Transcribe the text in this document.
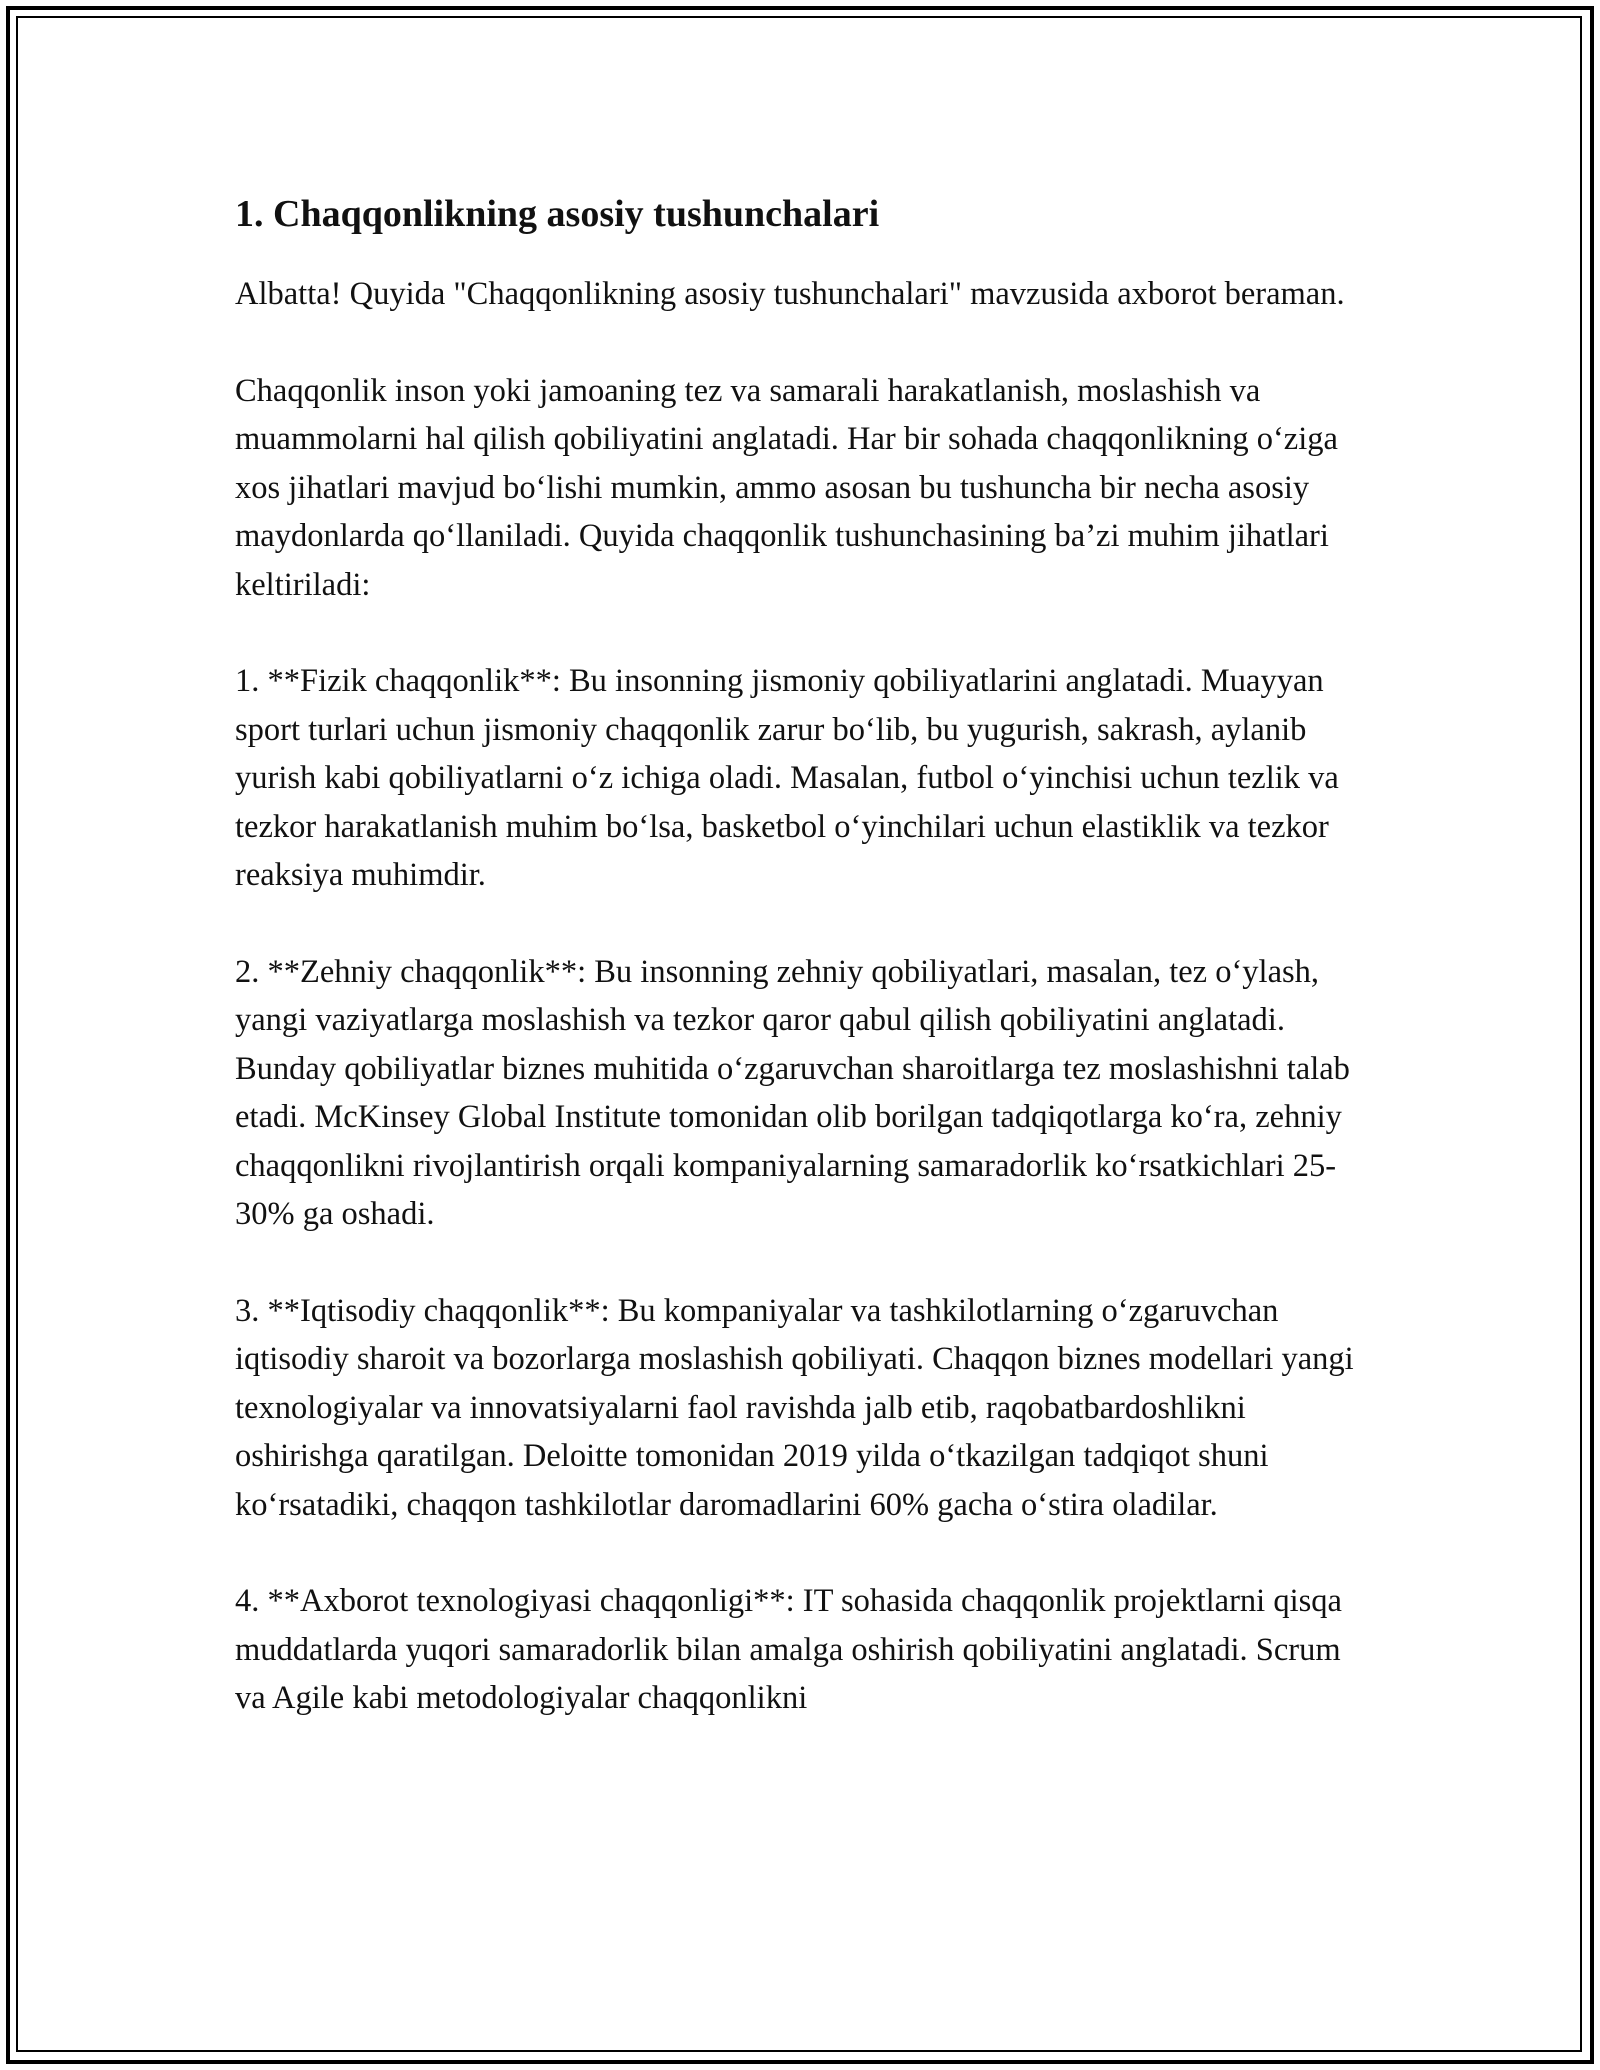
1. Chaqqonlikning asosiy tushunchalari

Albatta! Quyida "Chaqqonlikning asosiy tushunchalari" mavzusida axborot beraman.

Chaqqonlik inson yoki jamoaning tez va samarali harakatlanish, moslashish va muammolarni hal qilish qobiliyatini anglatadi. Har bir sohada chaqqonlikning o‘ziga xos jihatlari mavjud bo‘lishi mumkin, ammo asosan bu tushuncha bir necha asosiy maydonlarda qo‘llaniladi. Quyida chaqqonlik tushunchasining ba’zi muhim jihatlari keltiriladi:

1. **Fizik chaqqonlik**: Bu insonning jismoniy qobiliyatlarini anglatadi. Muayyan sport turlari uchun jismoniy chaqqonlik zarur bo‘lib, bu yugurish, sakrash, aylanib yurish kabi qobiliyatlarni o‘z ichiga oladi. Masalan, futbol o‘yinchisi uchun tezlik va tezkor harakatlanish muhim bo‘lsa, basketbol o‘yinchilari uchun elastiklik va tezkor reaksiya muhimdir.

2. **Zehniy chaqqonlik**: Bu insonning zehniy qobiliyatlari, masalan, tez o‘ylash, yangi vaziyatlarga moslashish va tezkor qaror qabul qilish qobiliyatini anglatadi. Bunday qobiliyatlar biznes muhitida o‘zgaruvchan sharoitlarga tez moslashishni talab etadi. McKinsey Global Institute tomonidan olib borilgan tadqiqotlarga ko‘ra, zehniy chaqqonlikni rivojlantirish orqali kompaniyalarning samaradorlik ko‘rsatkichlari 25-30% ga oshadi.

3. **Iqtisodiy chaqqonlik**: Bu kompaniyalar va tashkilotlarning o‘zgaruvchan iqtisodiy sharoit va bozorlarga moslashish qobiliyati. Chaqqon biznes modellari yangi texnologiyalar va innovatsiyalarni faol ravishda jalb etib, raqobatbardoshlikni oshirishga qaratilgan. Deloitte tomonidan 2019 yilda o‘tkazilgan tadqiqot shuni ko‘rsatadiki, chaqqon tashkilotlar daromadlarini 60% gacha o‘stira oladilar.

4. **Axborot texnologiyasi chaqqonligi**: IT sohasida chaqqonlik projektlarni qisqa muddatlarda yuqori samaradorlik bilan amalga oshirish qobiliyatini anglatadi. Scrum va Agile kabi metodologiyalar chaqqonlikni
